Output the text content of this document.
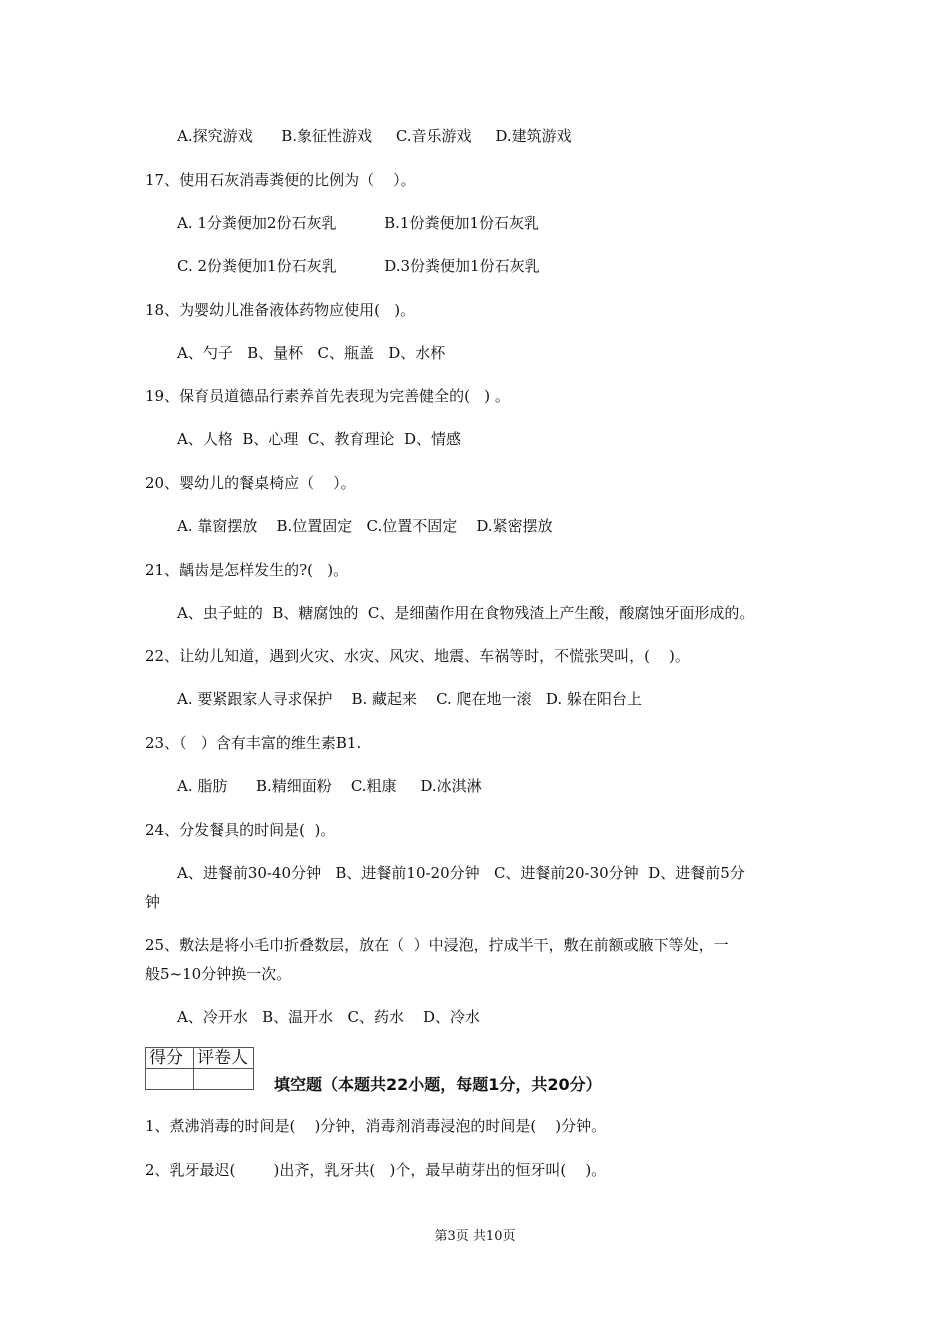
A.探究游戏      B.象征性游戏     C.音乐游戏     D.建筑游戏
17、使用石灰消毒粪便的比例为（    ）。
A. 1分粪便加2份石灰乳          B.1份粪便加1份石灰乳
C. 2份粪便加1份石灰乳          D.3份粪便加1份石灰乳
18、为婴幼儿准备液体药物应使用(   )。
A、勺子   B、量杯   C、瓶盖   D、水杯
19、保育员道德品行素养首先表现为完善健全的(   ) 。
A、人格  B、心理  C、教育理论  D、情感
20、婴幼儿的餐桌椅应（    ）。
A. 靠窗摆放    B.位置固定   C.位置不固定    D.紧密摆放
21、龋齿是怎样发生的?(   )。
A、虫子蛀的  B、糖腐蚀的  C、是细菌作用在食物残渣上产生酸，酸腐蚀牙面形成的。
22、让幼儿知道，遇到火灾、水灾、风灾、地震、车祸等时，不慌张哭叫，(    )。
A. 要紧跟家人寻求保护    B. 藏起来    C. 爬在地一滚   D. 躲在阳台上
23、（   ）含有丰富的维生素B1.
A. 脂肪      B.精细面粉    C.粗康     D.冰淇淋
24、分发餐具的时间是(  )。
A、进餐前30-40分钟   B、进餐前10-20分钟   C、进餐前20-30分钟  D、进餐前5分
钟
25、敷法是将小毛巾折叠数层，放在（  ）中浸泡，拧成半干，敷在前额或腋下等处，一
般5~10分钟换一次。
A、冷开水   B、温开水   C、药水    D、冷水
得分	评卷人

填空题（本题共22小题，每题1分，共20分）
1、煮沸消毒的时间是(    )分钟，消毒剂消毒浸泡的时间是(    )分钟。
2、乳牙最迟(        )出齐，乳牙共(   )个，最早萌芽出的恒牙叫(    )。
第3页 共10页
